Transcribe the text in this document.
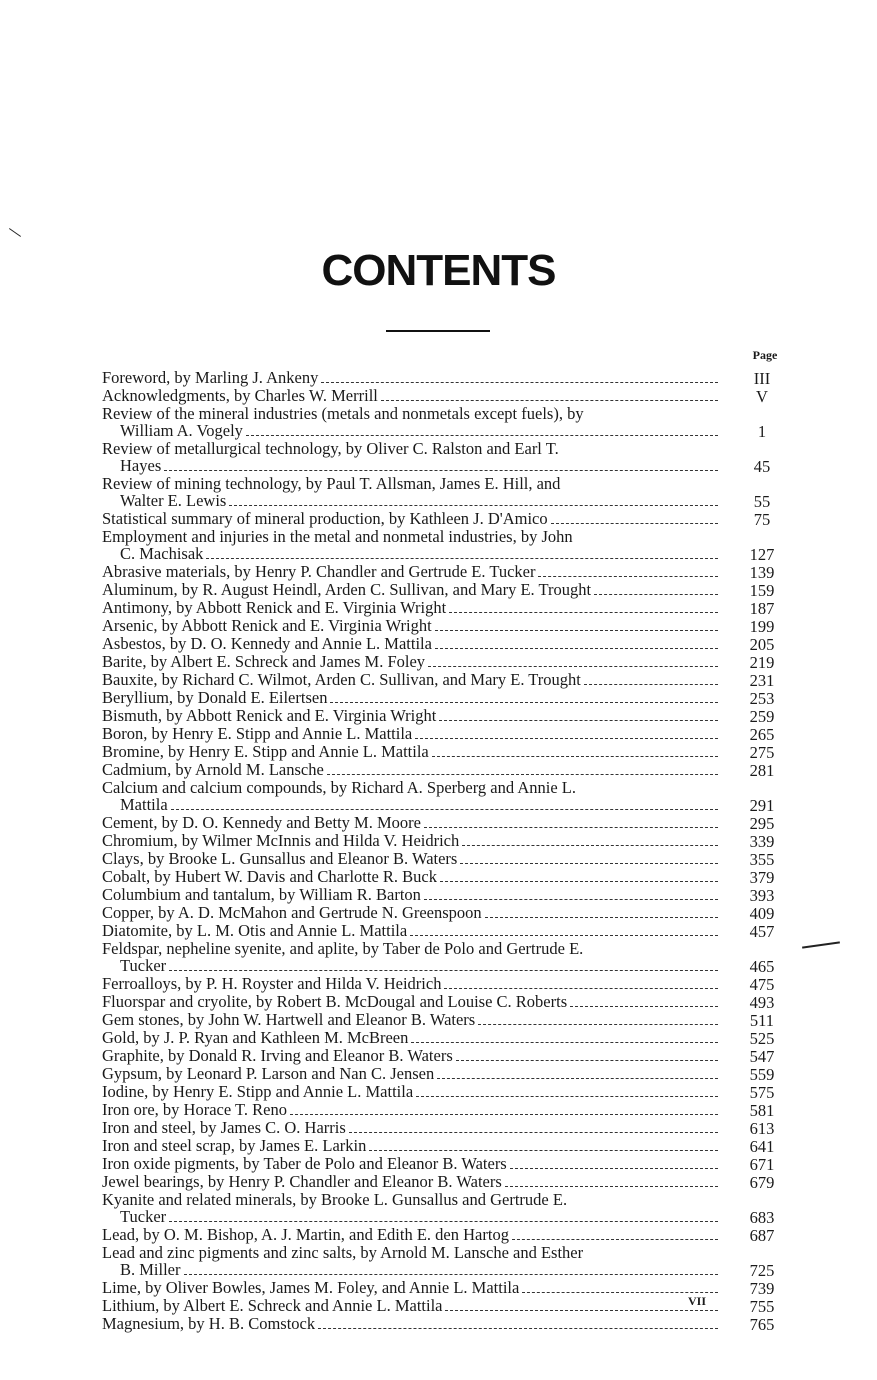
CONTENTS
Page
Foreword, by Marling J. Ankeny	III
Acknowledgments, by Charles W. Merrill	V
Review of the mineral industries (metals and nonmetals except fuels), by
William A. Vogely	1
Review of metallurgical technology, by Oliver C. Ralston and Earl T.
Hayes	45
Review of mining technology, by Paul T. Allsman, James E. Hill, and
Walter E. Lewis	55
Statistical summary of mineral production, by Kathleen J. D'Amico	75
Employment and injuries in the metal and nonmetal industries, by John
C. Machisak	127
Abrasive materials, by Henry P. Chandler and Gertrude E. Tucker	139
Aluminum, by R. August Heindl, Arden C. Sullivan, and Mary E. Trought	159
Antimony, by Abbott Renick and E. Virginia Wright	187
Arsenic, by Abbott Renick and E. Virginia Wright	199
Asbestos, by D. O. Kennedy and Annie L. Mattila	205
Barite, by Albert E. Schreck and James M. Foley	219
Bauxite, by Richard C. Wilmot, Arden C. Sullivan, and Mary E. Trought	231
Beryllium, by Donald E. Eilertsen	253
Bismuth, by Abbott Renick and E. Virginia Wright	259
Boron, by Henry E. Stipp and Annie L. Mattila	265
Bromine, by Henry E. Stipp and Annie L. Mattila	275
Cadmium, by Arnold M. Lansche	281
Calcium and calcium compounds, by Richard A. Sperberg and Annie L.
Mattila	291
Cement, by D. O. Kennedy and Betty M. Moore	295
Chromium, by Wilmer McInnis and Hilda V. Heidrich	339
Clays, by Brooke L. Gunsallus and Eleanor B. Waters	355
Cobalt, by Hubert W. Davis and Charlotte R. Buck	379
Columbium and tantalum, by William R. Barton	393
Copper, by A. D. McMahon and Gertrude N. Greenspoon	409
Diatomite, by L. M. Otis and Annie L. Mattila	457
Feldspar, nepheline syenite, and aplite, by Taber de Polo and Gertrude E.
Tucker	465
Ferroalloys, by P. H. Royster and Hilda V. Heidrich	475
Fluorspar and cryolite, by Robert B. McDougal and Louise C. Roberts	493
Gem stones, by John W. Hartwell and Eleanor B. Waters	511
Gold, by J. P. Ryan and Kathleen M. McBreen	525
Graphite, by Donald R. Irving and Eleanor B. Waters	547
Gypsum, by Leonard P. Larson and Nan C. Jensen	559
Iodine, by Henry E. Stipp and Annie L. Mattila	575
Iron ore, by Horace T. Reno	581
Iron and steel, by James C. O. Harris	613
Iron and steel scrap, by James E. Larkin	641
Iron oxide pigments, by Taber de Polo and Eleanor B. Waters	671
Jewel bearings, by Henry P. Chandler and Eleanor B. Waters	679
Kyanite and related minerals, by Brooke L. Gunsallus and Gertrude E.
Tucker	683
Lead, by O. M. Bishop, A. J. Martin, and Edith E. den Hartog	687
Lead and zinc pigments and zinc salts, by Arnold M. Lansche and Esther
B. Miller	725
Lime, by Oliver Bowles, James M. Foley, and Annie L. Mattila	739
Lithium, by Albert E. Schreck and Annie L. Mattila	755
Magnesium, by H. B. Comstock	765
VII
